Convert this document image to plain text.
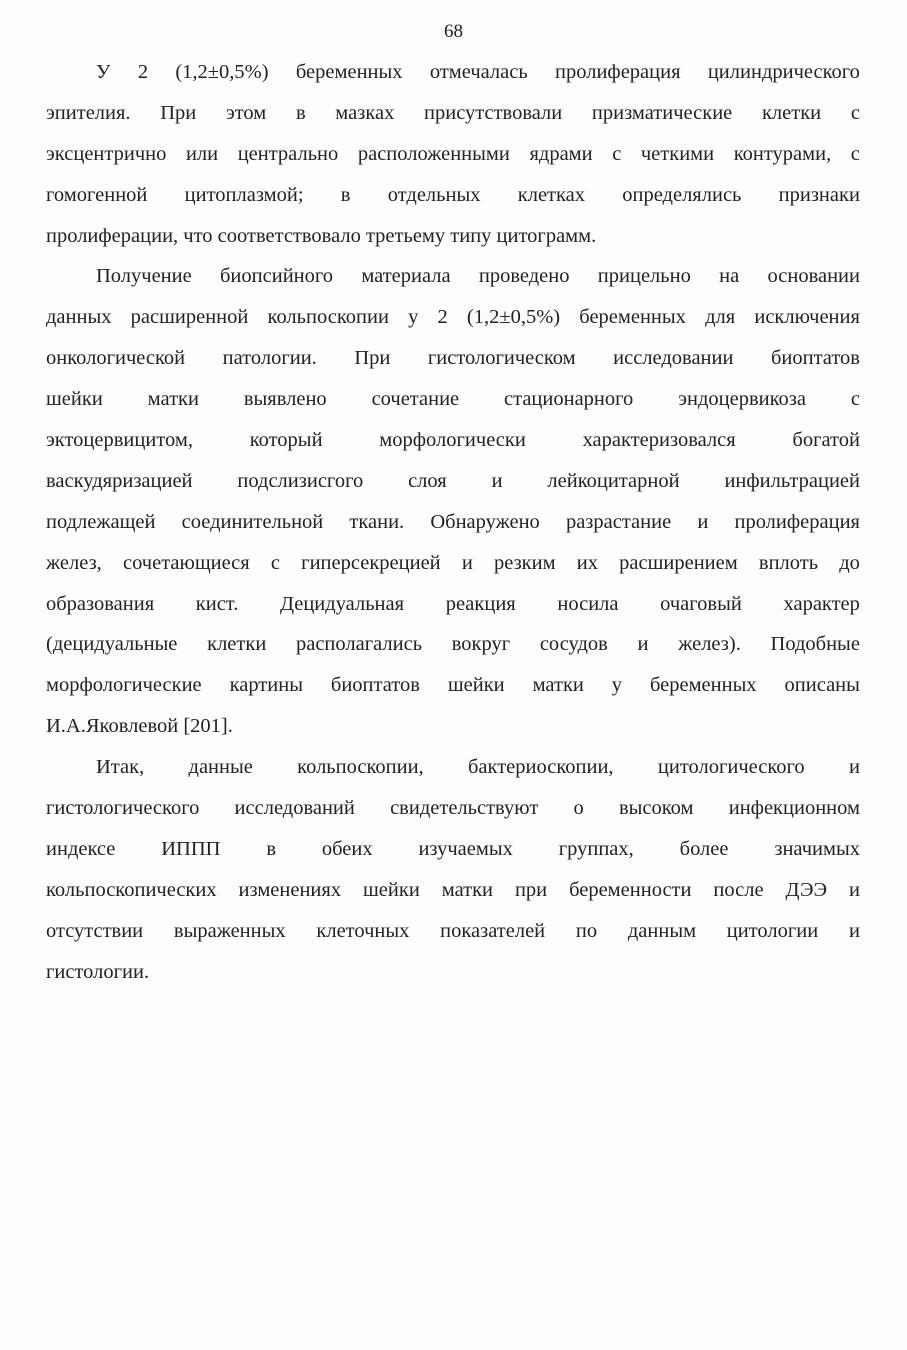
68
У 2 (1,2±0,5%) беременных отмечалась пролиферация цилиндрического
эпителия. При этом в мазках присутствовали призматические клетки с
эксцентрично или центрально расположенными ядрами с четкими контурами, с
гомогенной цитоплазмой; в отдельных клетках определялись признаки
пролиферации, что соответствовало третьему типу цитограмм.
Получение биопсийного материала проведено прицельно на основании
данных расширенной кольпоскопии у 2 (1,2±0,5%) беременных для исключения
онкологической патологии. При гистологическом исследовании биоптатов
шейки матки выявлено сочетание стационарного эндоцервикоза с
эктоцервицитом,	который	морфологически	характеризовался	богатой
васкудяризацией подслизисгого слоя и лейкоцитарной инфильтрацией
подлежащей соединительной ткани. Обнаружено разрастание и пролиферация
желез, сочетающиеся с гиперсекрецией и резким их расширением вплоть до
образования кист. Децидуальная реакция носила очаговый характер
(децидуальные клетки располагались вокруг сосудов и желез). Подобные
морфологические картины биоптатов шейки матки у беременных описаны
И.А.Яковлевой [201].
Итак, данные кольпоскопии, бактериоскопии, цитологического и
гистологического исследований свидетельствуют о высоком инфекционном
индексе ИППП в обеих изучаемых группах, более значимых
кольпоскопических изменениях шейки матки при беременности после ДЭЭ и
отсутствии выраженных клеточных показателей по данным цитологии и
гистологии.
